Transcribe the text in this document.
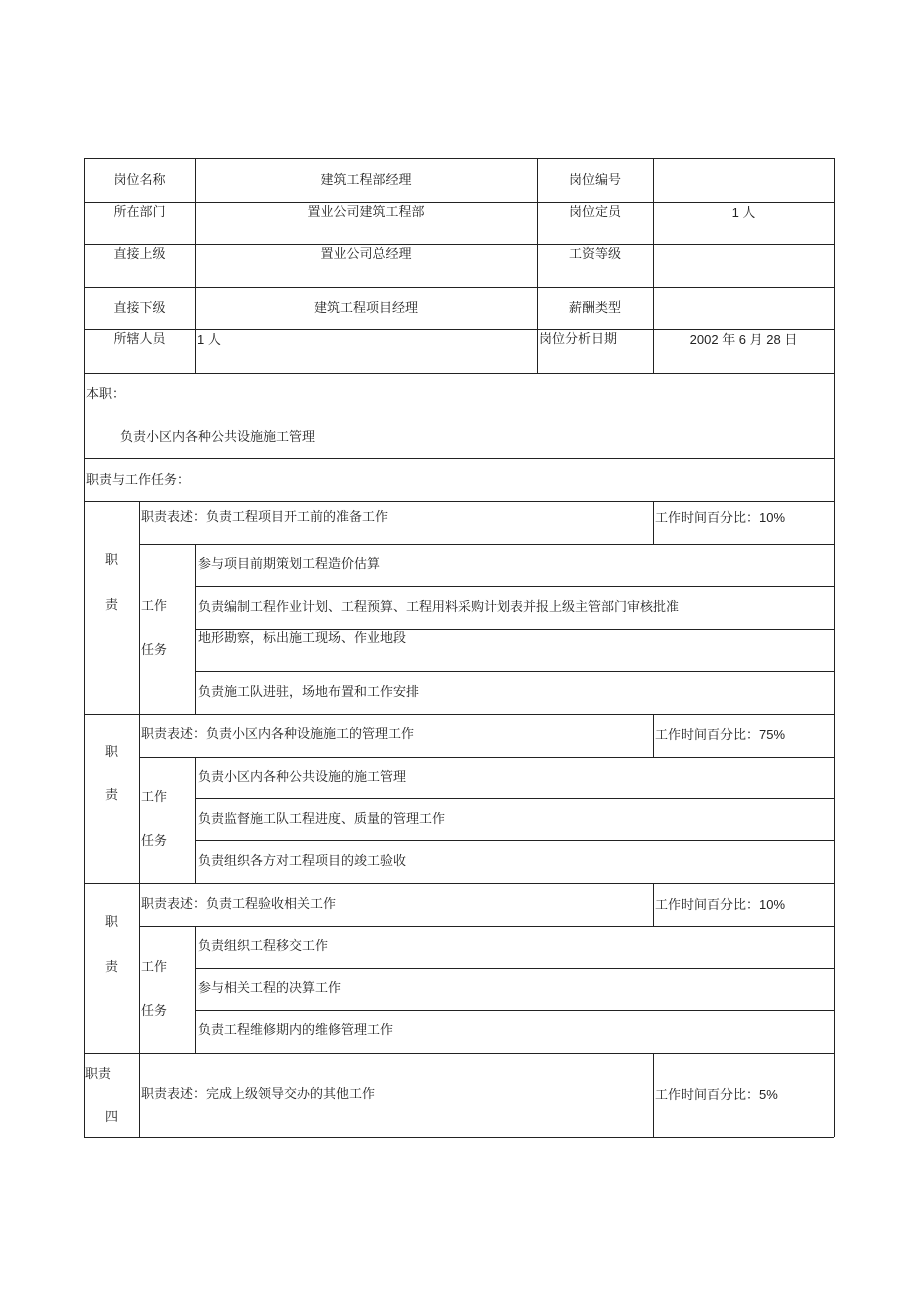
岗位名称	建筑工程部经理	岗位编号
所在部门	置业公司建筑工程部	岗位定员	1 人
直接上级	置业公司总经理	工资等级
直接下级	建筑工程项目经理	薪酬类型
所辖人员	1 人	岗位分析日期	2002 年 6 月 28 日
本职：
负责小区内各种公共设施施工管理
职责与工作任务：
职
责
职责表述：负责工程项目开工前的准备工作	工作时间百分比：10%
工作
任务
参与项目前期策划工程造价估算
负责编制工程作业计划、工程预算、工程用料采购计划表并报上级主管部门审核批准
地形勘察，标出施工现场、作业地段
负责施工队进驻，场地布置和工作安排
职
责
职责表述：负责小区内各种设施施工的管理工作	工作时间百分比：75%
工作
任务
负责小区内各种公共设施的施工管理
负责监督施工队工程进度、质量的管理工作
负责组织各方对工程项目的竣工验收
职
责
职责表述：负责工程验收相关工作	工作时间百分比：10%
工作
任务
负责组织工程移交工作
参与相关工程的决算工作
负责工程维修期内的维修管理工作
职责
四
职责表述：完成上级领导交办的其他工作	工作时间百分比：5%
